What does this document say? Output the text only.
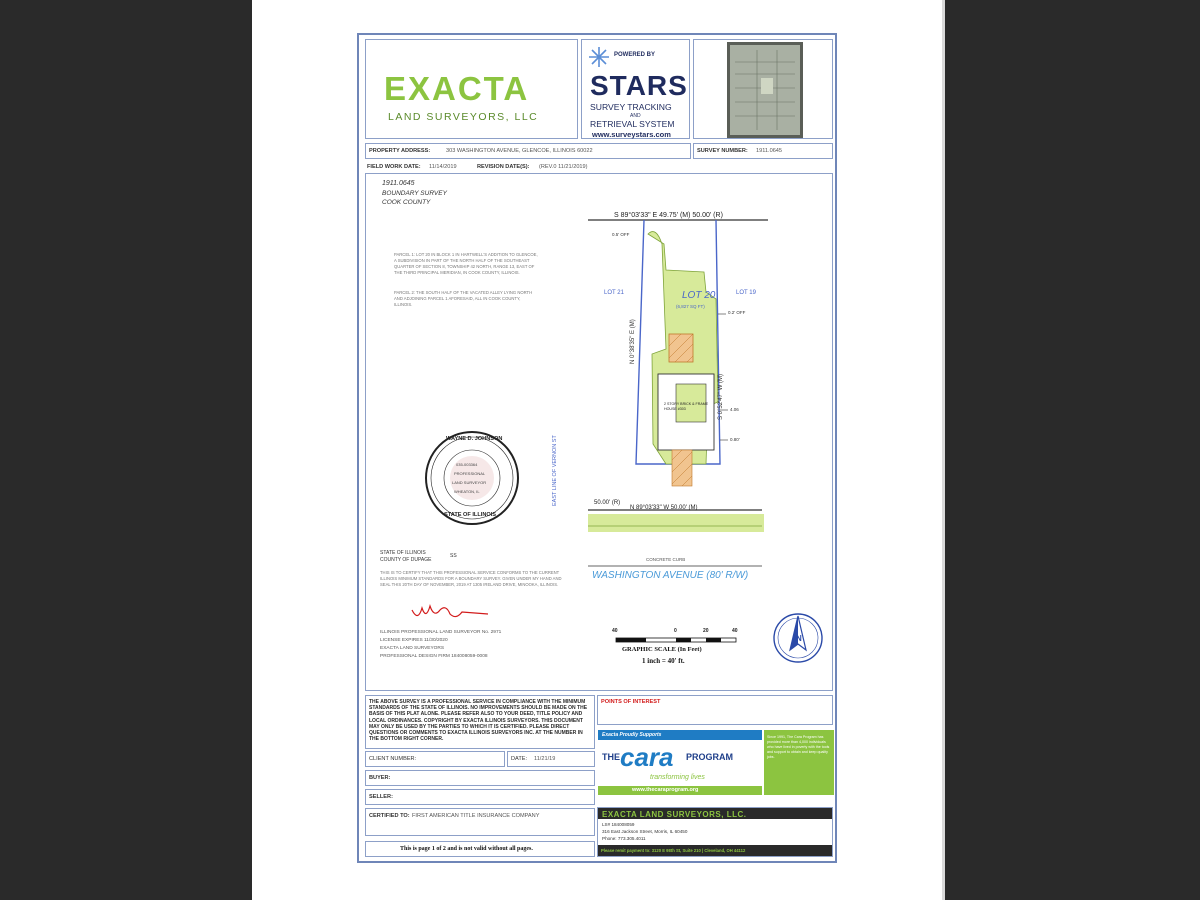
EXACTA
LAND SURVEYORS, LLC
POWERED BY
STARS
SURVEY TRACKING
AND
RETRIEVAL SYSTEM
www.surveystars.com
PROPERTY ADDRESS:	303 WASHINGTON AVENUE, GLENCOE, ILLINOIS 60022	SURVEY NUMBER: 1911.0645
FIELD WORK DATE: 11/14/2019	REVISION DATE(S): (REV.0 11/21/2019)
1911.0645
BOUNDARY SURVEY
COOK COUNTY
PARCEL 1: LOT 20 IN BLOCK 1 IN HARTWELL'S ADDITION TO GLENCOE, A SUBDIVISION IN PART OF THE NORTH HALF OF THE SOUTHEAST QUARTER OF SECTION 8, TOWNSHIP 42 NORTH, RANGE 13, EAST OF THE THIRD PRINCIPAL MERIDIAN, IN COOK COUNTY, ILLINOIS.
PARCEL 2: THE SOUTH HALF OF THE VACATED ALLEY LYING NORTH AND ADJOINING PARCEL 1 AFORESAID, ALL IN COOK COUNTY, ILLINOIS.
S 89°03'33" E 49.75' (M) 50.00' (R)
LOT 21	LOT 20
(6,827 SQ FT)
LOT 19
2 STORY BRICK & FRAME HOUSE #303
0.5' OFF
0.2' OFF
4.06
0.80'
N 0°38'35" E (M)
S 0°52'47" W (M)
EAST LINE OF VERNON ST	50.00' (R)
N 89°03'33" W 50.00' (M)
CONCRETE CURB
WASHINGTON AVENUE (80' R/W)
WAYNE D. JOHNSON
STATE OF ILLINOIS
035-003364
PROFESSIONAL
LAND SURVEYOR
WHEATON, IL
STATE OF ILLINOIS
COUNTY OF DUPAGE
SS
THIS IS TO CERTIFY THAT THIS PROFESSIONAL SERVICE CONFORMS TO THE CURRENT ILLINOIS MINIMUM STANDARDS FOR A BOUNDARY SURVEY. GIVEN UNDER MY HAND AND SEAL THIS 20TH DAY OF NOVEMBER, 2019 AT 1305 IRELAND DRIVE, MINOOKA, ILLINOIS.
ILLINOIS PROFESSIONAL LAND SURVEYOR No. 2971
LICENSE EXPIRES 11/30/2020
EXACTA LAND SURVEYORS
PROFESSIONAL DESIGN FIRM 184008059-0008
40	0	20	40
GRAPHIC SCALE (In Feet)
1 inch = 40' ft.
N
THE ABOVE SURVEY IS A PROFESSIONAL SERVICE IN COMPLIANCE WITH THE MINIMUM STANDARDS OF THE STATE OF ILLINOIS. NO IMPROVEMENTS SHOULD BE MADE ON THE BASIS OF THIS PLAT ALONE. PLEASE REFER ALSO TO YOUR DEED, TITLE POLICY AND LOCAL ORDINANCES. COPYRIGHT BY EXACTA ILLINOIS SURVEYORS. THIS DOCUMENT MAY ONLY BE USED BY THE PARTIES TO WHICH IT IS CERTIFIED. PLEASE DIRECT QUESTIONS OR COMMENTS TO EXACTA ILLINOIS SURVEYORS INC. AT THE NUMBER IN THE BOTTOM RIGHT CORNER.
POINTS OF INTEREST
Exacta Proudly Supports
THE cara PROGRAM
transforming lives
www.thecaraprogram.org
Since 1991, The Cara Program has provided more than 4,000 individuals who have lived in poverty with the tools and support to obtain and keep quality jobs.
CLIENT NUMBER:	DATE: 11/21/19
BUYER:
SELLER:
CERTIFIED TO: FIRST AMERICAN TITLE INSURANCE COMPANY
This is page 1 of 2 and is not valid without all pages.
EXACTA LAND SURVEYORS, LLC.
LS# 184008059
316 East Jackson Street, Morris, IL 60450
Phone: 773.305.4011
Please remit payment to: 3120 E 98th St, Suite 210 | Cleveland, OH 44112
